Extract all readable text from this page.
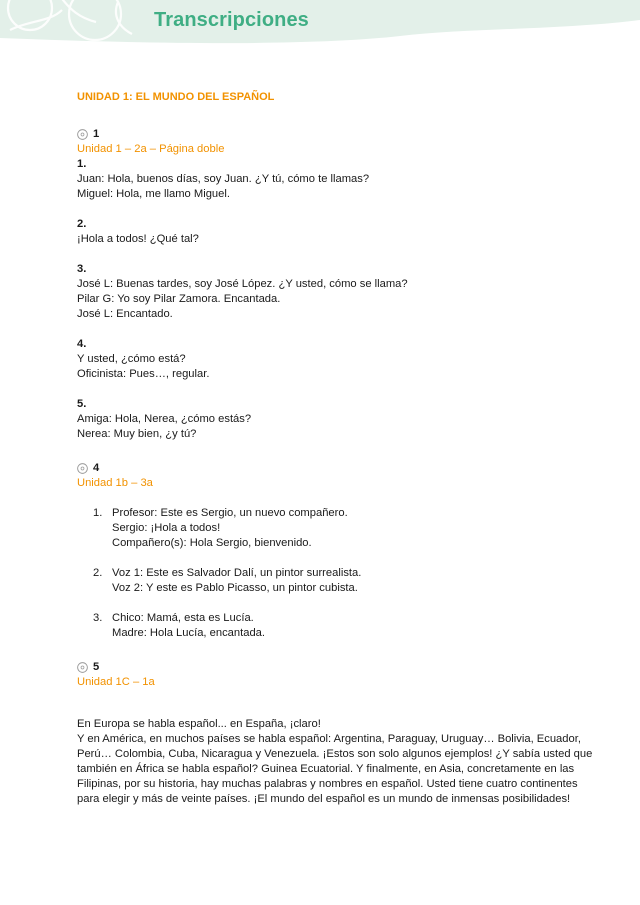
Transcripciones
UNIDAD 1: EL MUNDO DEL ESPAÑOL
1
Unidad 1 – 2a – Página doble
1.
Juan: Hola, buenos días, soy Juan. ¿Y tú, cómo te llamas?
Miguel: Hola, me llamo Miguel.
2.
¡Hola a todos! ¿Qué tal?
3.
José L: Buenas tardes, soy José López. ¿Y usted, cómo se llama?
Pilar G: Yo soy Pilar Zamora. Encantada.
José L: Encantado.
4.
Y usted, ¿cómo está?
Oficinista: Pues…, regular.
5.
Amiga: Hola, Nerea, ¿cómo estás?
Nerea: Muy bien, ¿y tú?
4
Unidad 1b – 3a
1. Profesor: Este es Sergio, un nuevo compañero.
Sergio: ¡Hola a todos!
Compañero(s): Hola Sergio, bienvenido.
2. Voz 1: Este es Salvador Dalí, un pintor surrealista.
Voz 2: Y este es Pablo Picasso, un pintor cubista.
3. Chico: Mamá, esta es Lucía.
Madre: Hola Lucía, encantada.
5
Unidad 1C – 1a
En Europa se habla español... en España, ¡claro!
Y en América, en muchos países se habla español: Argentina, Paraguay, Uruguay… Bolivia, Ecuador,
Perú… Colombia, Cuba, Nicaragua y Venezuela. ¡Estos son solo algunos ejemplos! ¿Y sabía usted que
también en África se habla español? Guinea Ecuatorial. Y finalmente, en Asia, concretamente en las
Filipinas, por su historia, hay muchas palabras y nombres en español. Usted tiene cuatro continentes
para elegir y más de veinte países. ¡El mundo del español es un mundo de inmensas posibilidades!
